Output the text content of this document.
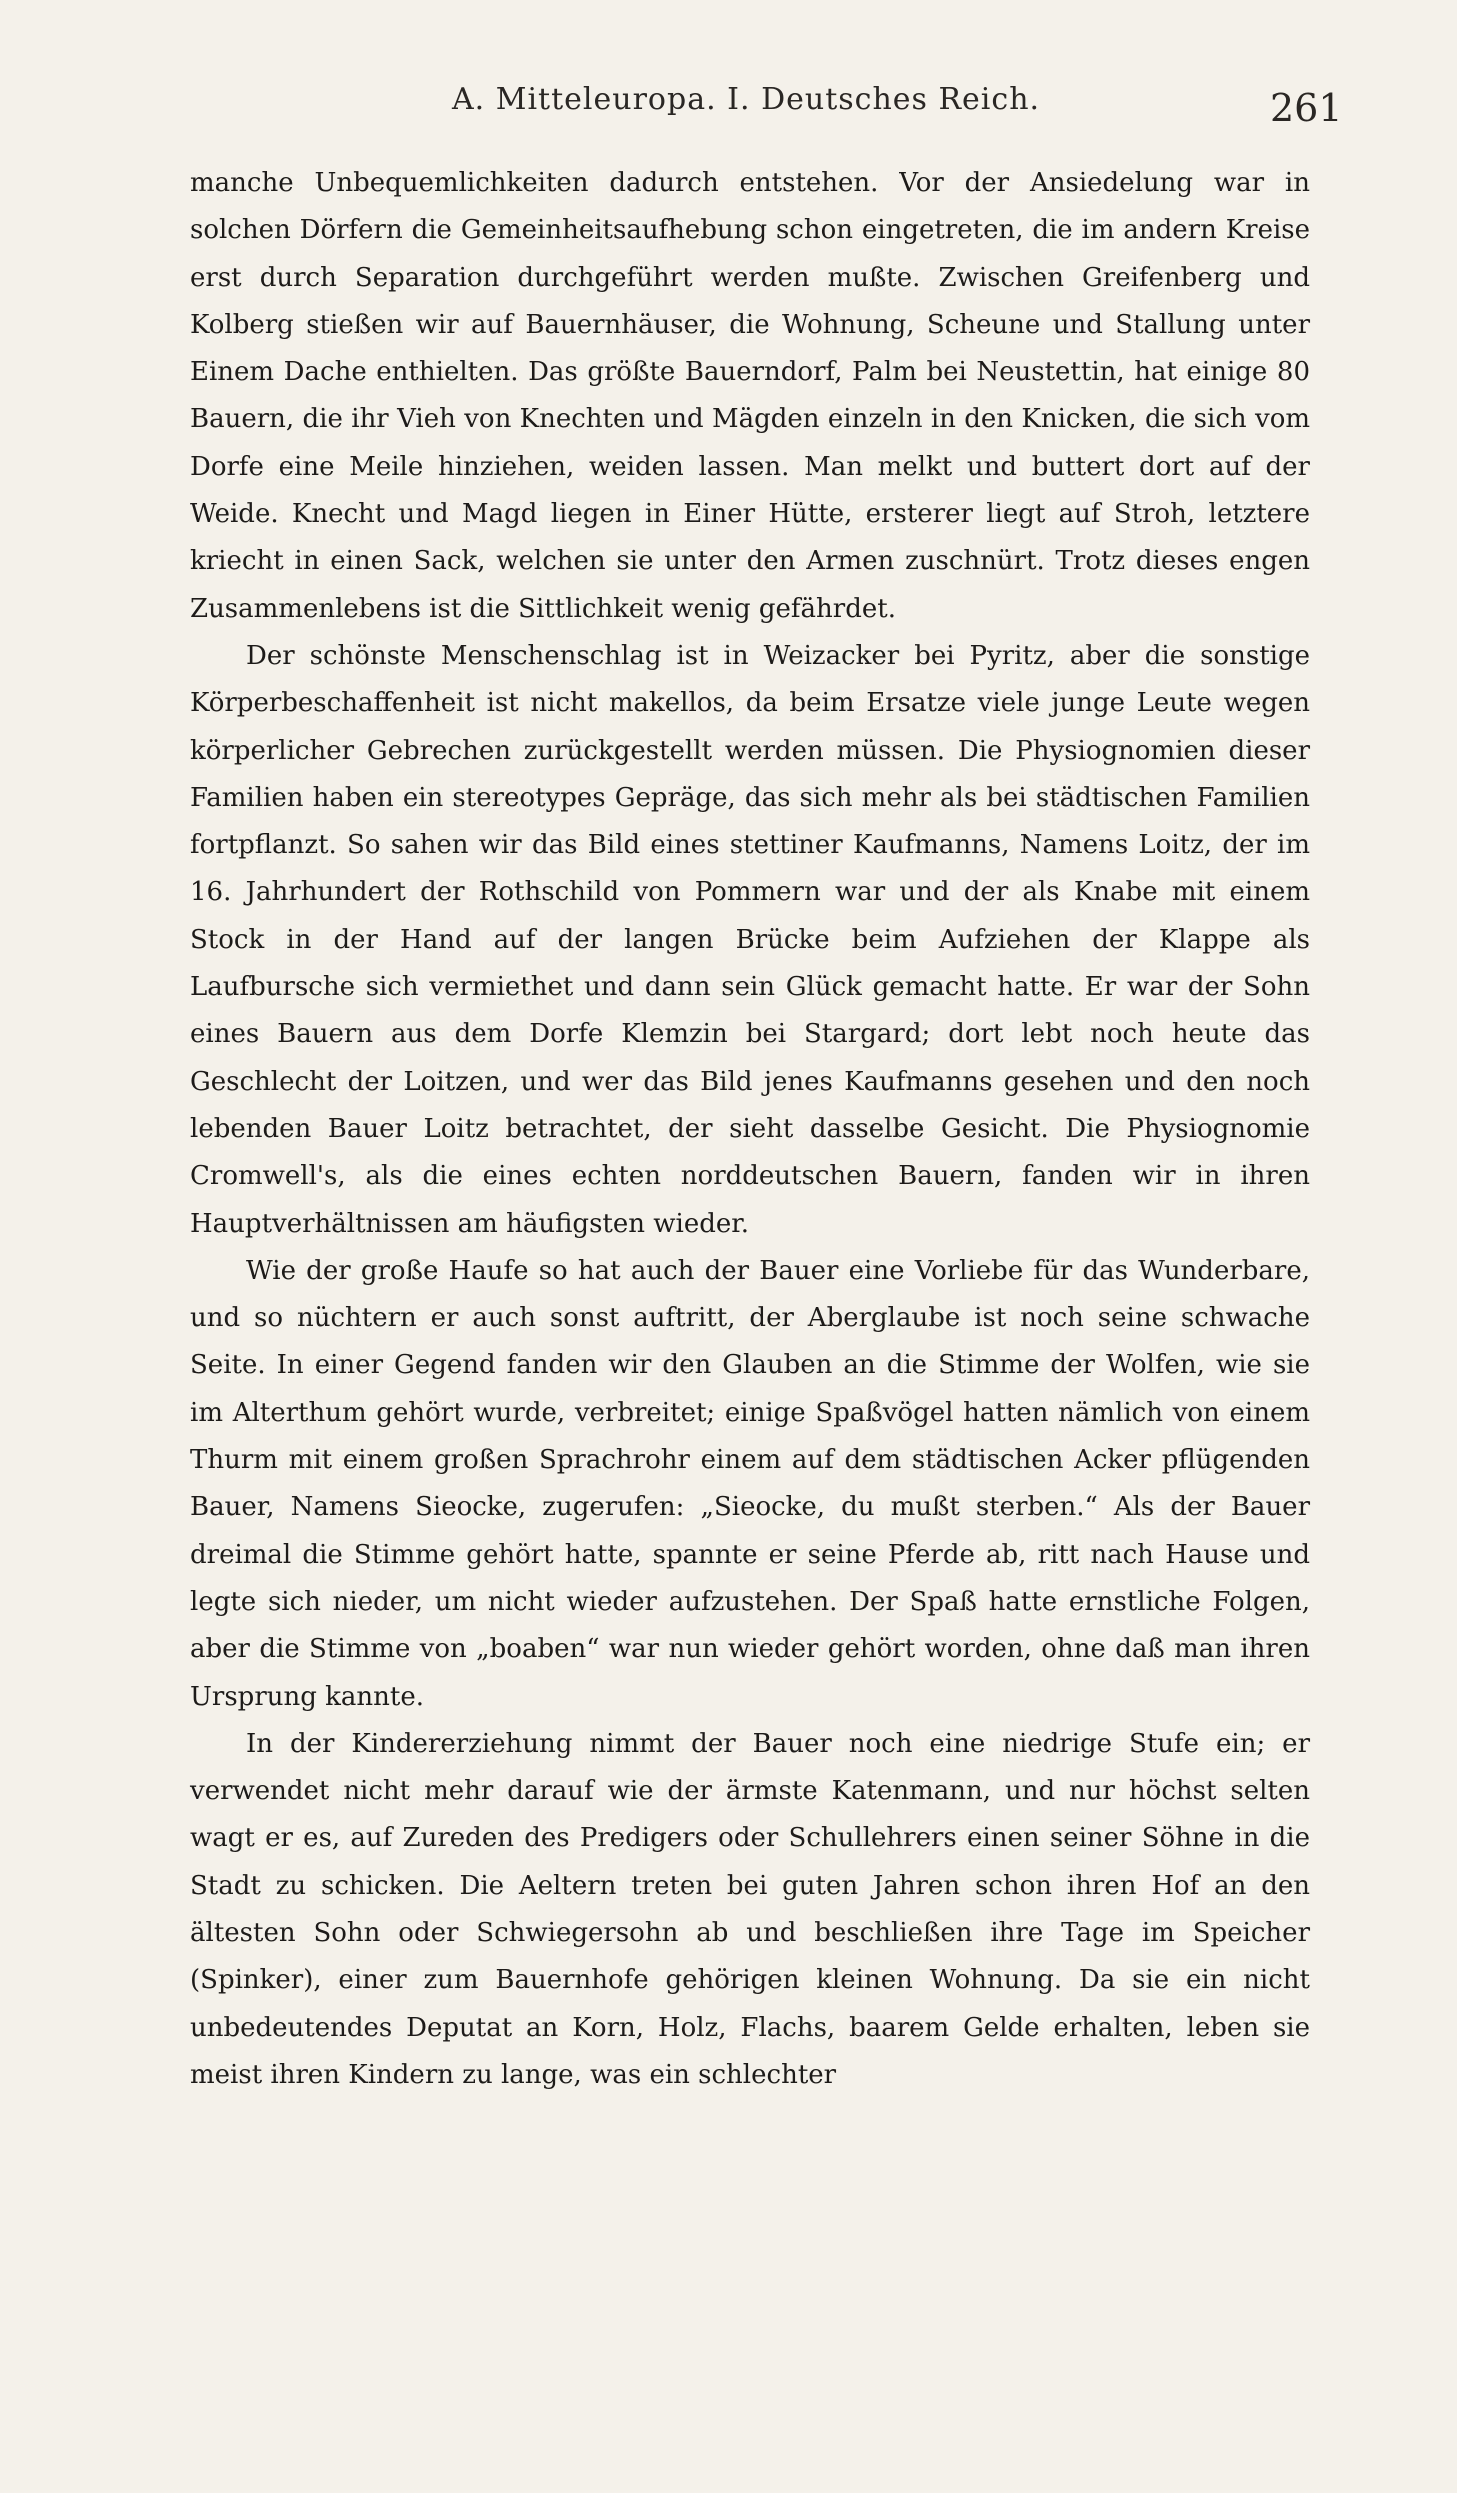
A. Mitteleuropa. I. Deutsches Reich.	261

manche Unbequemlichkeiten dadurch entstehen. Vor der Ansiedelung war in solchen Dörfern die Gemeinheitsaufhebung schon eingetreten, die im andern Kreise erst durch Separation durchgeführt werden mußte. Zwischen Greifenberg und Kolberg stießen wir auf Bauernhäuser, die Wohnung, Scheune und Stallung unter Einem Dache enthielten. Das größte Bauerndorf, Palm bei Neustettin, hat einige 80 Bauern, die ihr Vieh von Knechten und Mägden einzeln in den Knicken, die sich vom Dorfe eine Meile hinziehen, weiden lassen. Man melkt und buttert dort auf der Weide. Knecht und Magd liegen in Einer Hütte, ersterer liegt auf Stroh, letztere kriecht in einen Sack, welchen sie unter den Armen zuschnürt. Trotz dieses engen Zusammenlebens ist die Sittlichkeit wenig gefährdet.

Der schönste Menschenschlag ist in Weizacker bei Pyritz, aber die sonstige Körperbeschaffenheit ist nicht makellos, da beim Ersatze viele junge Leute wegen körperlicher Gebrechen zurückgestellt werden müssen. Die Physiognomien dieser Familien haben ein stereotypes Gepräge, das sich mehr als bei städtischen Familien fortpflanzt. So sahen wir das Bild eines stettiner Kaufmanns, Namens Loitz, der im 16. Jahrhundert der Rothschild von Pommern war und der als Knabe mit einem Stock in der Hand auf der langen Brücke beim Aufziehen der Klappe als Laufbursche sich vermiethet und dann sein Glück gemacht hatte. Er war der Sohn eines Bauern aus dem Dorfe Klemzin bei Stargard; dort lebt noch heute das Geschlecht der Loitzen, und wer das Bild jenes Kaufmanns gesehen und den noch lebenden Bauer Loitz betrachtet, der sieht dasselbe Gesicht. Die Physiognomie Cromwell's, als die eines echten norddeutschen Bauern, fanden wir in ihren Hauptverhältnissen am häufigsten wieder.

Wie der große Haufe so hat auch der Bauer eine Vorliebe für das Wunderbare, und so nüchtern er auch sonst auftritt, der Aberglaube ist noch seine schwache Seite. In einer Gegend fanden wir den Glauben an die Stimme der Wolfen, wie sie im Alterthum gehört wurde, verbreitet; einige Spaßvögel hatten nämlich von einem Thurm mit einem großen Sprachrohr einem auf dem städtischen Acker pflügenden Bauer, Namens Sieocke, zugerufen: „Sieocke, du mußt sterben.“ Als der Bauer dreimal die Stimme gehört hatte, spannte er seine Pferde ab, ritt nach Hause und legte sich nieder, um nicht wieder aufzustehen. Der Spaß hatte ernstliche Folgen, aber die Stimme von „boaben“ war nun wieder gehört worden, ohne daß man ihren Ursprung kannte.

In der Kindererziehung nimmt der Bauer noch eine niedrige Stufe ein; er verwendet nicht mehr darauf wie der ärmste Katenmann, und nur höchst selten wagt er es, auf Zureden des Predigers oder Schullehrers einen seiner Söhne in die Stadt zu schicken. Die Aeltern treten bei guten Jahren schon ihren Hof an den ältesten Sohn oder Schwiegersohn ab und beschließen ihre Tage im Speicher (Spinker), einer zum Bauernhofe gehörigen kleinen Wohnung. Da sie ein nicht unbedeutendes Deputat an Korn, Holz, Flachs, baarem Gelde erhalten, leben sie meist ihren Kindern zu lange, was ein schlechter
